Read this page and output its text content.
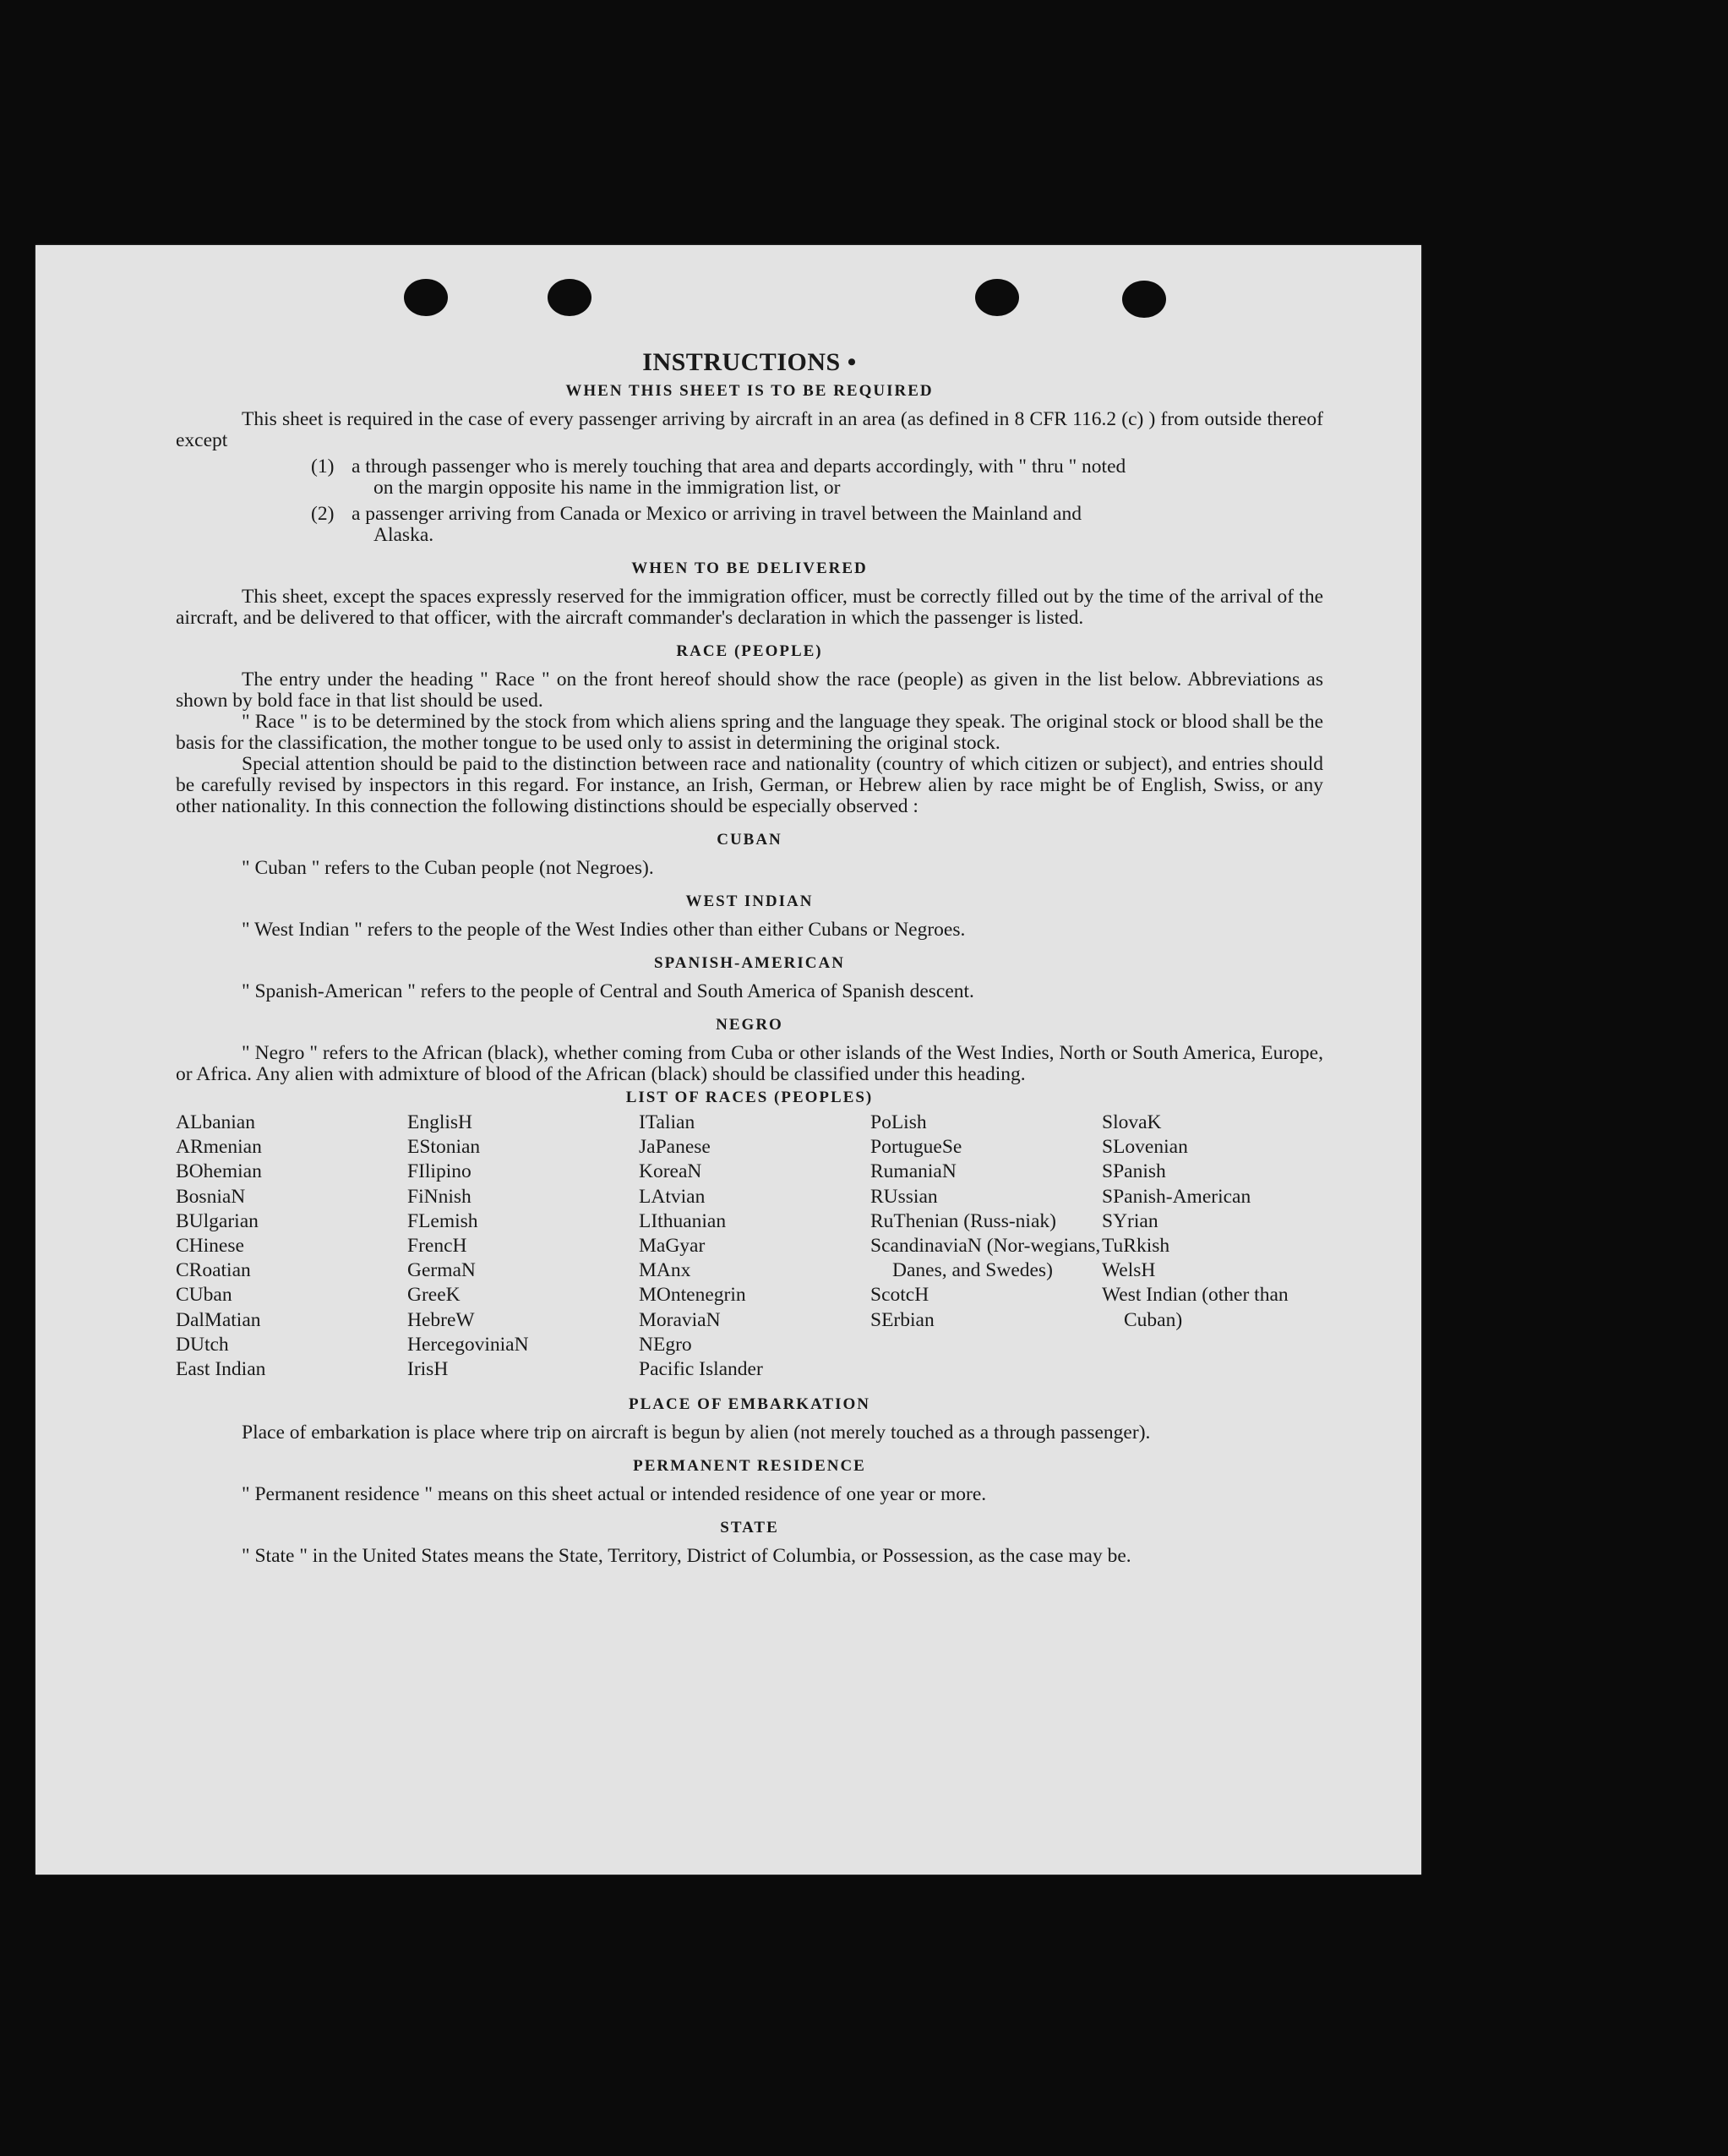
INSTRUCTIONS •
WHEN THIS SHEET IS TO BE REQUIRED

This sheet is required in the case of every passenger arriving by aircraft in an area (as defined in 8 CFR 116.2 (c) ) from outside thereof except

(1) a through passenger who is merely touching that area and departs accordingly, with " thru " noted
on the margin opposite his name in the immigration list, or
(2) a passenger arriving from Canada or Mexico or arriving in travel between the Mainland and
Alaska.
WHEN TO BE DELIVERED

This sheet, except the spaces expressly reserved for the immigration officer, must be correctly filled out by the time of the arrival of the aircraft, and be delivered to that officer, with the aircraft commander's declaration in which the passenger is listed.

RACE (PEOPLE)

The entry under the heading " Race " on the front hereof should show the race (people) as given in the list below. Abbreviations as shown by bold face in that list should be used.

" Race " is to be determined by the stock from which aliens spring and the language they speak. The original stock or blood shall be the basis for the classification, the mother tongue to be used only to assist in determining the original stock.

Special attention should be paid to the distinction between race and nationality (country of which citizen or subject), and entries should be carefully revised by inspectors in this regard. For instance, an Irish, German, or Hebrew alien by race might be of English, Swiss, or any other nationality. In this connection the following distinctions should be especially observed :

CUBAN

" Cuban " refers to the Cuban people (not Negroes).

WEST INDIAN

" West Indian " refers to the people of the West Indies other than either Cubans or Negroes.

SPANISH-AMERICAN

" Spanish-American " refers to the people of Central and South America of Spanish descent.

NEGRO

" Negro " refers to the African (black), whether coming from Cuba or other islands of the West Indies, North or South America, Europe, or Africa. Any alien with admixture of blood of the African (black) should be classified under this heading.

LIST OF RACES (PEOPLES)
ALbanian
ARmenian
BOhemian
BosniaN
BUlgarian
CHinese
CRoatian
CUban
DalMatian
DUtch
East Indian
EnglisH
EStonian
FIlipino
FiNnish
FLemish
FrencH
GermaN
GreeK
HebreW
HercegoviniaN
IrisH
ITalian
JaPanese
KoreaN
LAtvian
LIthuanian
MaGyar
MAnx
MOntenegrin
MoraviaN
NEgro
Pacific Islander
PoLish
PortugueSe
RumaniaN
RUssian
RuThenian (Russ-niak)
ScandinaviaN (Nor-wegians, Danes, and Swedes)
ScotcH
SErbian
SlovaK
SLovenian
SPanish
SPanish-American
SYrian
TuRkish
WelsH
West Indian (other than Cuban)
PLACE OF EMBARKATION

Place of embarkation is place where trip on aircraft is begun by alien (not merely touched as a through passenger).

PERMANENT RESIDENCE

" Permanent residence " means on this sheet actual or intended residence of one year or more.

STATE

" State " in the United States means the State, Territory, District of Columbia, or Possession, as the case may be.
